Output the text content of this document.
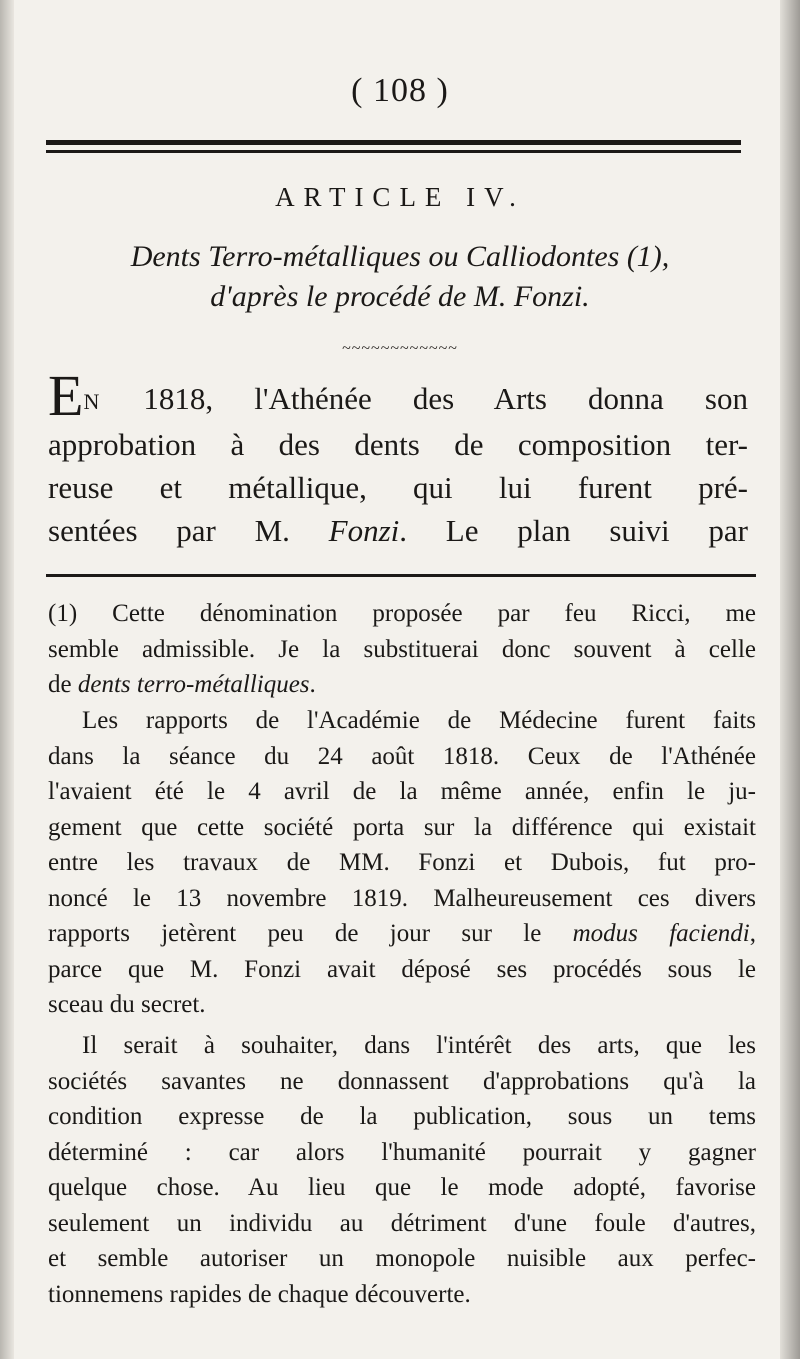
( 108 )
ARTICLE IV.
Dents Terro-métalliques ou Calliodontes (1),
d'après le procédé de M. Fonzi.
~~~~~~~~~~~~
EN 1818, l'Athénée des Arts donna son
approbation à des dents de composition ter-
reuse et métallique, qui lui furent pré-
sentées par M. Fonzi. Le plan suivi par
(1) Cette dénomination proposée par feu Ricci, me
semble admissible. Je la substituerai donc souvent à celle
de dents terro-métalliques.
Les rapports de l'Académie de Médecine furent faits
dans la séance du 24 août 1818. Ceux de l'Athénée
l'avaient été le 4 avril de la même année, enfin le ju-
gement que cette société porta sur la différence qui existait
entre les travaux de MM. Fonzi et Dubois, fut pro-
noncé le 13 novembre 1819. Malheureusement ces divers
rapports jetèrent peu de jour sur le modus faciendi,
parce que M. Fonzi avait déposé ses procédés sous le
sceau du secret.
Il serait à souhaiter, dans l'intérêt des arts, que les
sociétés savantes ne donnassent d'approbations qu'à la
condition expresse de la publication, sous un tems
déterminé : car alors l'humanité pourrait y gagner
quelque chose. Au lieu que le mode adopté, favorise
seulement un individu au détriment d'une foule d'autres,
et semble autoriser un monopole nuisible aux perfec-
tionnemens rapides de chaque découverte.
